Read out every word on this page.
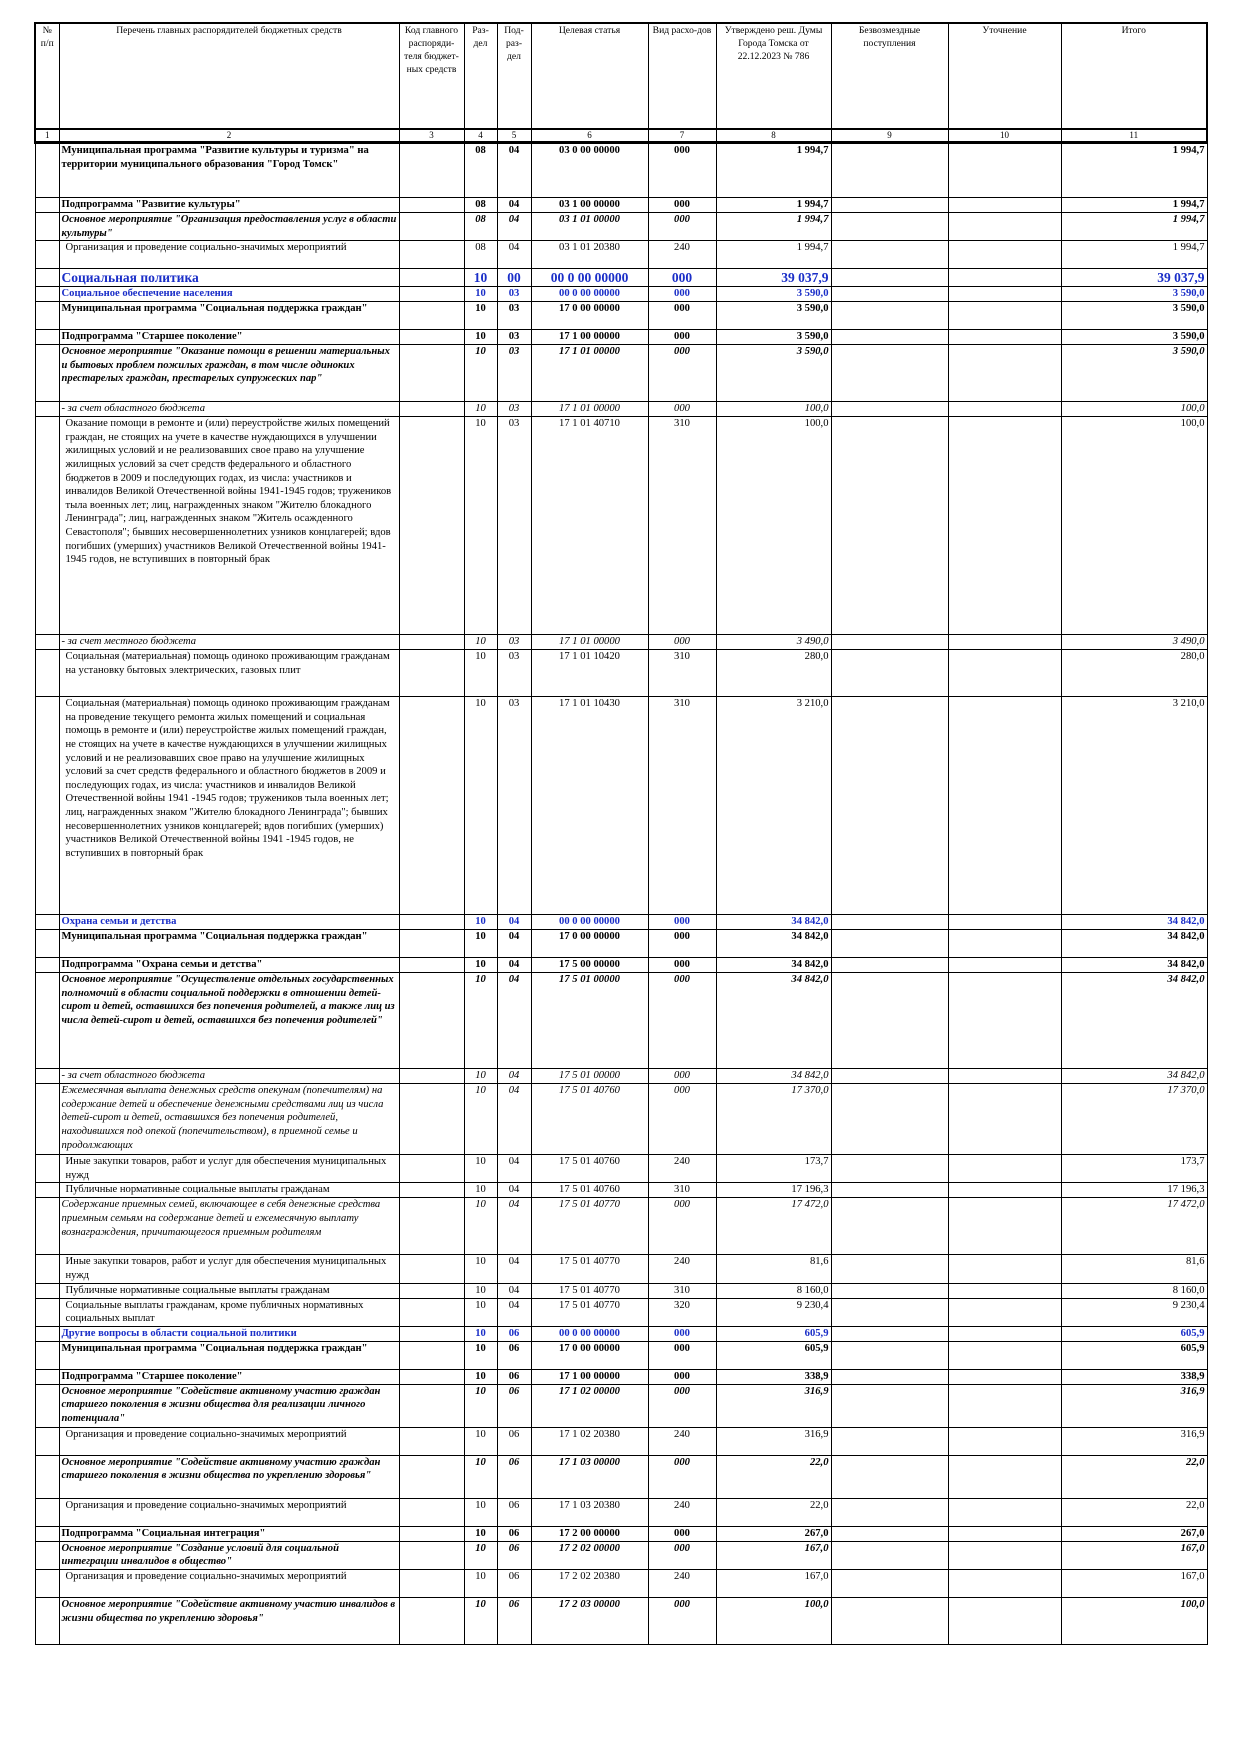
№ п/п	Перечень главных распорядителей бюджетных средств	Код главного распоряди-теля бюджет-ных средств	Раз-дел	Под-раз-дел	Целевая статья	Вид расхо-дов	Утверждено реш. Думы Города Томска от 22.12.2023 № 786	Безвозмездные поступления	Уточнение	Итого
1	2	3	4	5	6	7	8	9	10	11
	Муниципальная программа "Развитие культуры и туризма" на территории муниципального образования "Город Томск"		08	04	03 0 00 00000	000	1 994,7			1 994,7
	Подпрограмма "Развитие культуры"		08	04	03 1 00 00000	000	1 994,7			1 994,7
	Основное мероприятие "Организация предоставления услуг в области культуры"		08	04	03 1 01 00000	000	1 994,7			1 994,7
	Организация и проведение социально-значимых мероприятий		08	04	03 1 01 20380	240	1 994,7			1 994,7
	Социальная политика		10	00	00 0 00 00000	000	39 037,9			39 037,9
	Социальное обеспечение населения		10	03	00 0 00 00000	000	3 590,0			3 590,0
	Муниципальная программа "Социальная поддержка граждан"		10	03	17 0 00 00000	000	3 590,0			3 590,0
	Подпрограмма "Старшее поколение"		10	03	17 1 00 00000	000	3 590,0			3 590,0
	Основное мероприятие "Оказание помощи в решении материальных и бытовых проблем пожилых граждан, в том числе одиноких престарелых граждан, престарелых супружеских пар"		10	03	17 1 01 00000	000	3 590,0			3 590,0
	- за счет областного бюджета		10	03	17 1 01 00000	000	100,0			100,0
	Оказание помощи в ремонте и (или) переустройстве жилых помещений граждан, не стоящих на учете в качестве нуждающихся в улучшении жилищных условий и не реализовавших свое право на улучшение жилищных условий за счет средств федерального и областного бюджетов в 2009 и последующих годах, из числа: участников и инвалидов Великой Отечественной войны 1941-1945 годов; тружеников тыла военных лет; лиц, награжденных знаком "Жителю блокадного Ленинграда"; лиц, награжденных знаком "Житель осажденного Севастополя"; бывших несовершеннолетних узников концлагерей; вдов погибших (умерших) участников Великой Отечественной войны 1941-1945 годов, не вступивших в повторный брак		10	03	17 1 01 40710	310	100,0			100,0
	- за счет местного бюджета		10	03	17 1 01 00000	000	3 490,0			3 490,0
	Социальная (материальная) помощь одиноко проживающим гражданам на установку бытовых электрических, газовых плит		10	03	17 1 01 10420	310	280,0			280,0
	Социальная (материальная) помощь одиноко проживающим гражданам на проведение текущего ремонта жилых помещений и социальная помощь в ремонте и (или) переустройстве жилых помещений граждан, не стоящих на учете в качестве нуждающихся в улучшении жилищных условий и не реализовавших свое право на улучшение жилищных условий за счет средств федерального и областного бюджетов в 2009 и последующих годах, из числа: участников и инвалидов Великой Отечественной войны 1941 -1945 годов; тружеников тыла военных лет; лиц, награжденных знаком "Жителю блокадного Ленинграда"; бывших несовершеннолетних узников концлагерей; вдов погибших (умерших) участников Великой Отечественной войны 1941 -1945 годов, не вступивших в повторный брак		10	03	17 1 01 10430	310	3 210,0			3 210,0
	Охрана семьи и детства		10	04	00 0 00 00000	000	34 842,0			34 842,0
	Муниципальная программа "Социальная поддержка граждан"		10	04	17 0 00 00000	000	34 842,0			34 842,0
	Подпрограмма "Охрана семьи и детства"		10	04	17 5 00 00000	000	34 842,0			34 842,0
	Основное мероприятие "Осуществление отдельных государственных полномочий в области социальной поддержки в отношении детей-сирот и детей, оставшихся без попечения родителей, а также лиц из числа детей-сирот и детей, оставшихся без попечения родителей"		10	04	17 5 01 00000	000	34 842,0			34 842,0
	- за счет областного бюджета		10	04	17 5 01 00000	000	34 842,0			34 842,0
	Ежемесячная выплата денежных средств опекунам (попечителям) на содержание детей и обеспечение денежными средствами лиц из числа детей-сирот и детей, оставшихся без попечения родителей, находившихся под опекой (попечительством), в приемной семье и продолжающих		10	04	17 5 01 40760	000	17 370,0			17 370,0
	Иные закупки товаров, работ и услуг для обеспечения муниципальных нужд		10	04	17 5 01 40760	240	173,7			173,7
	Публичные нормативные социальные выплаты гражданам		10	04	17 5 01 40760	310	17 196,3			17 196,3
	Содержание приемных семей, включающее в себя денежные средства приемным семьям на содержание детей и ежемесячную выплату вознаграждения, причитающегося приемным родителям		10	04	17 5 01 40770	000	17 472,0			17 472,0
	Иные закупки товаров, работ и услуг для обеспечения муниципальных нужд		10	04	17 5 01 40770	240	81,6			81,6
	Публичные нормативные социальные выплаты гражданам		10	04	17 5 01 40770	310	8 160,0			8 160,0
	Социальные выплаты гражданам, кроме публичных нормативных социальных выплат		10	04	17 5 01 40770	320	9 230,4			9 230,4
	Другие вопросы в области социальной политики		10	06	00 0 00 00000	000	605,9			605,9
	Муниципальная программа "Социальная поддержка граждан"		10	06	17 0 00 00000	000	605,9			605,9
	Подпрограмма "Старшее поколение"		10	06	17 1 00 00000	000	338,9			338,9
	Основное мероприятие "Содействие активному участию граждан старшего поколения в жизни общества для реализации личного потенциала"		10	06	17 1 02 00000	000	316,9			316,9
	Организация и проведение социально-значимых мероприятий		10	06	17 1 02 20380	240	316,9			316,9
	Основное мероприятие "Содействие активному участию граждан старшего поколения в жизни общества по укреплению здоровья"		10	06	17 1 03 00000	000	22,0			22,0
	Организация и проведение социально-значимых мероприятий		10	06	17 1 03 20380	240	22,0			22,0
	Подпрограмма "Социальная интеграция"		10	06	17 2 00 00000	000	267,0			267,0
	Основное мероприятие "Создание условий для социальной интеграции инвалидов в общество"		10	06	17 2 02 00000	000	167,0			167,0
	Организация и проведение социально-значимых мероприятий		10	06	17 2 02 20380	240	167,0			167,0
	Основное мероприятие "Содействие активному участию инвалидов в жизни общества по укреплению здоровья"		10	06	17 2 03 00000	000	100,0			100,0
